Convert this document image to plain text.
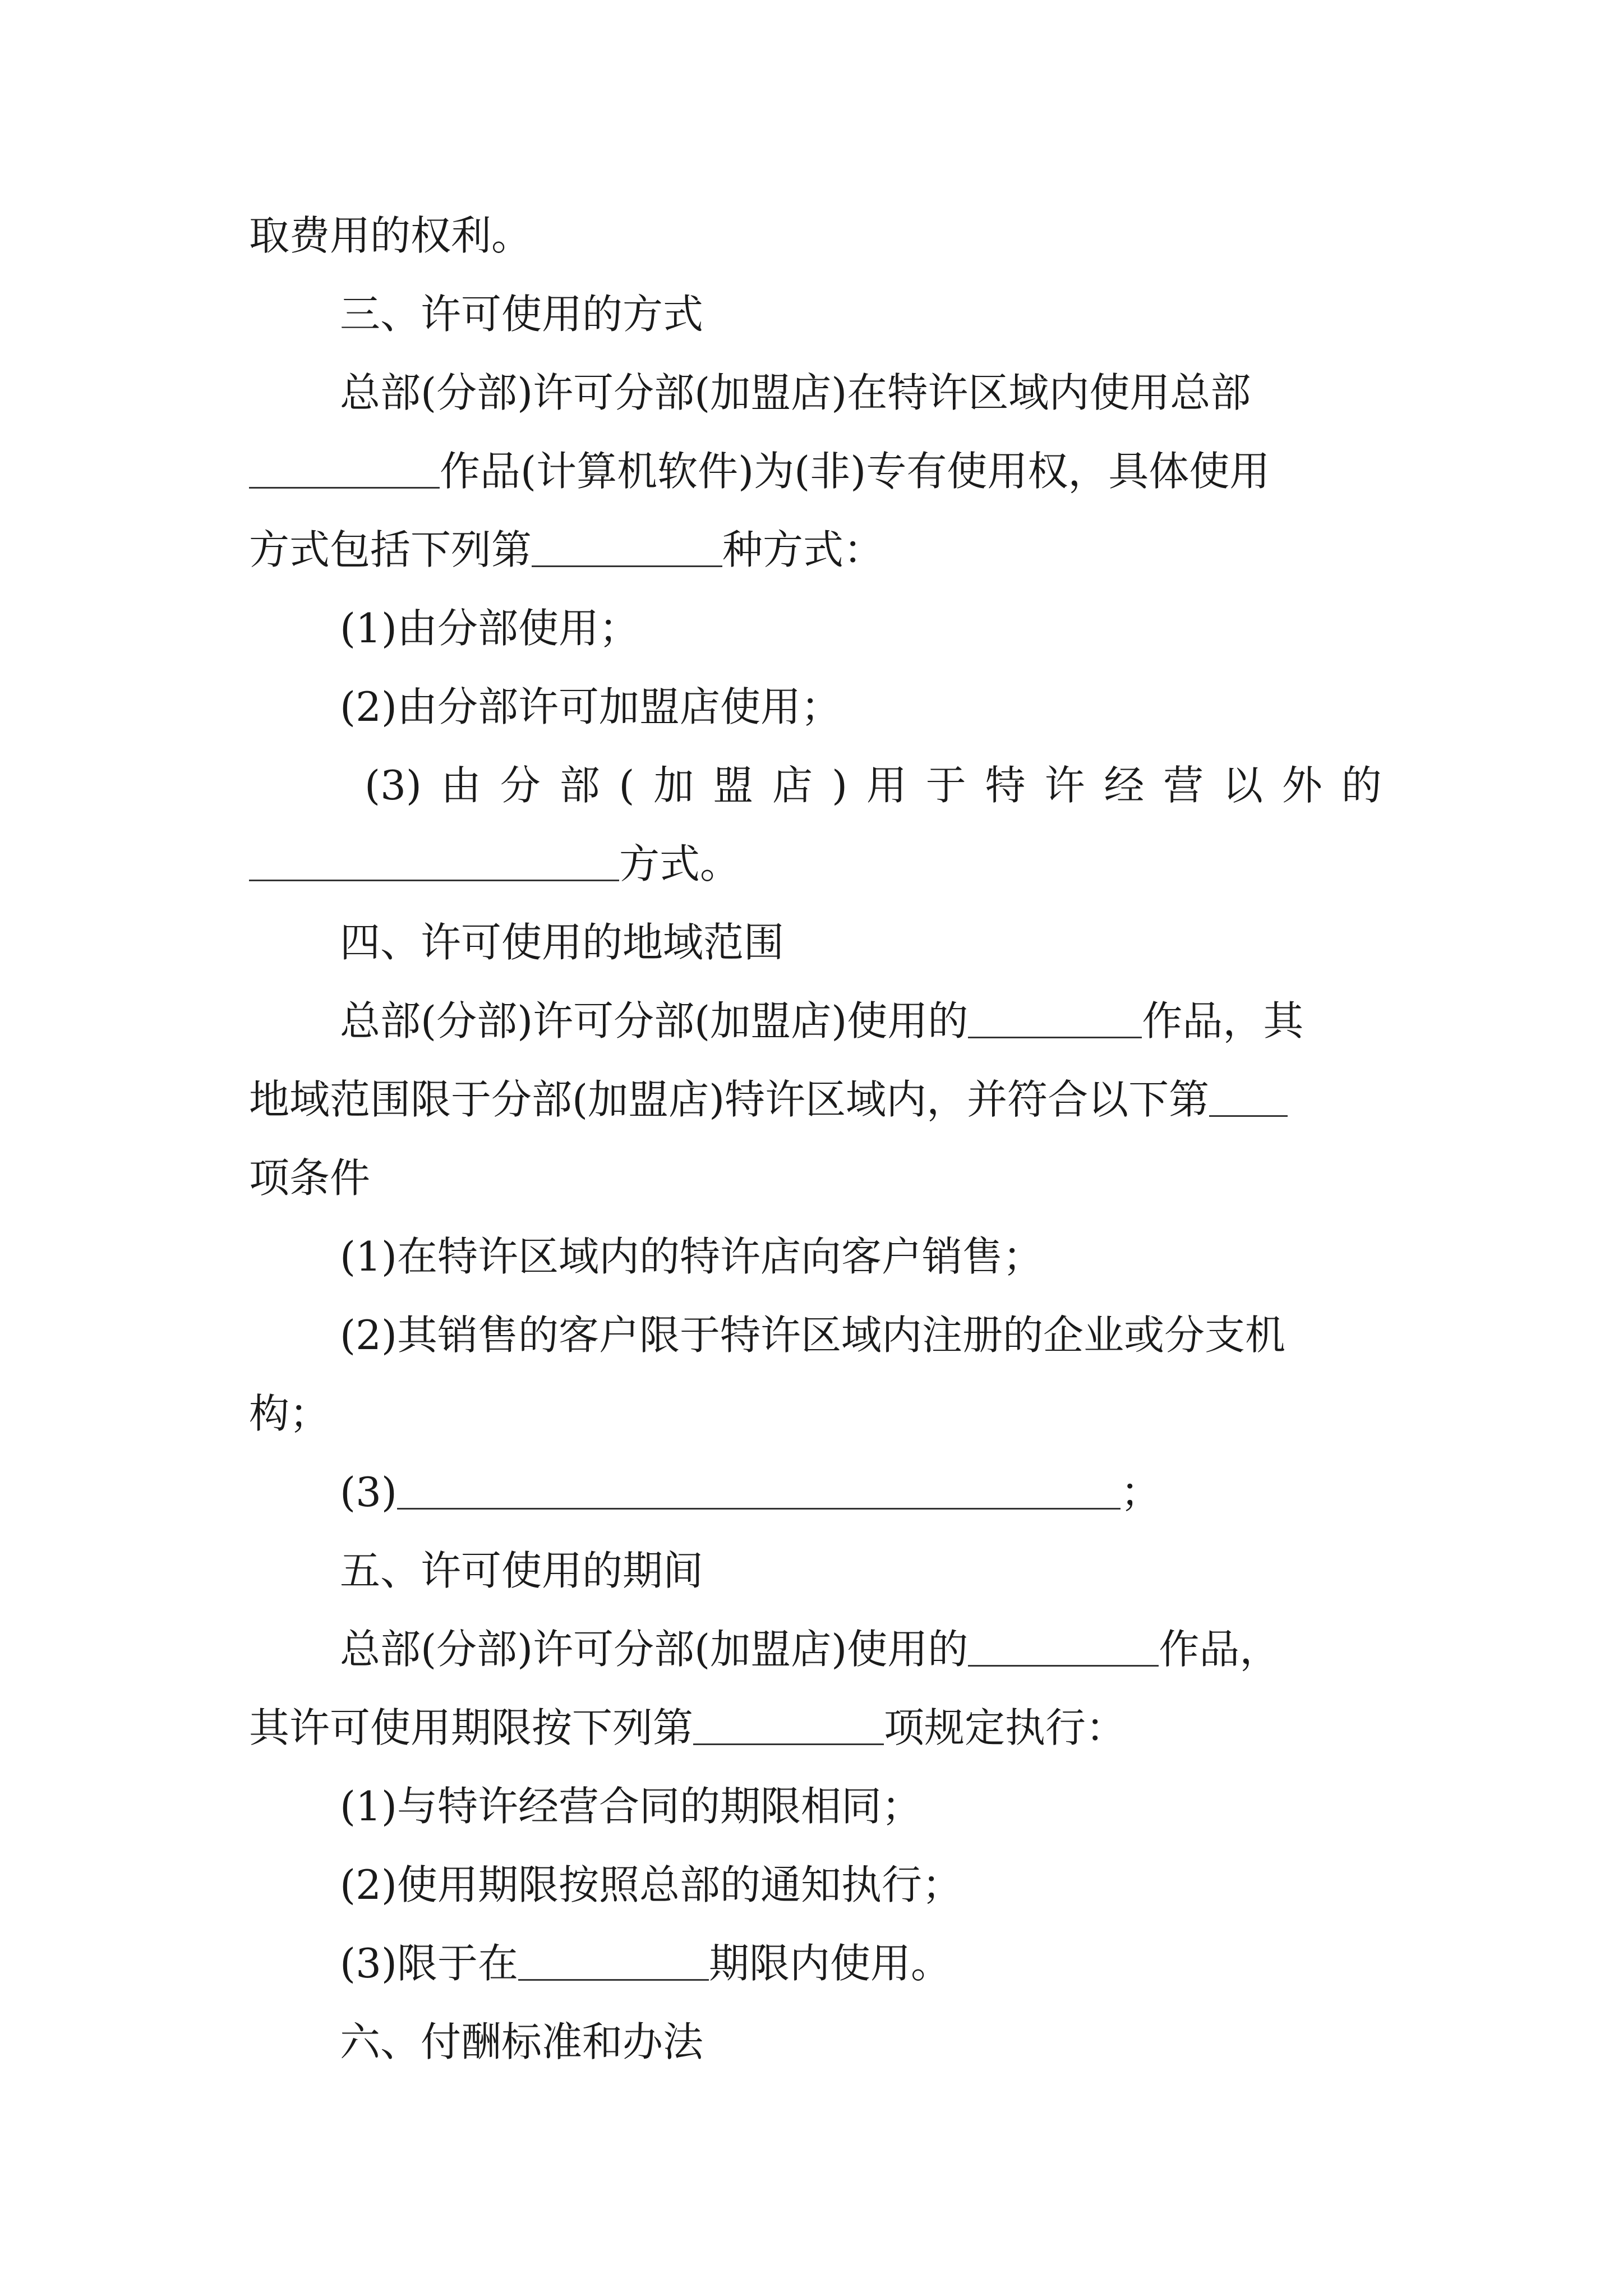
取费用的权利。
三、许可使用的方式
总部(分部)许可分部(加盟店)在特许区域内使用总部
作品(计算机软件)为(非)专有使用权，具体使用
方式包括下列第	种方式：
(1)由分部使用；
(2)由分部许可加盟店使用；
(3) 由 分 部 ( 加 盟 店 ) 用 于 特 许 经 营 以 外 的
方式。
四、许可使用的地域范围
总部(分部)许可分部(加盟店)使用的	作品，其
地域范围限于分部(加盟店)特许区域内，并符合以下第
项条件
(1)在特许区域内的特许店向客户销售；
(2)其销售的客户限于特许区域内注册的企业或分支机
构；
(3)	；
五、许可使用的期间
总部(分部)许可分部(加盟店)使用的	作品，
其许可使用期限按下列第	项规定执行：
(1)与特许经营合同的期限相同；
(2)使用期限按照总部的通知执行；
(3)限于在	期限内使用。
六、付酬标准和办法
